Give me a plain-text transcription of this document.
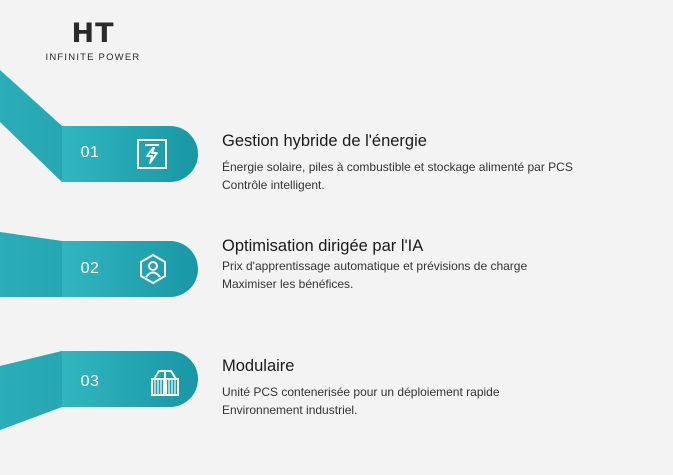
HT
INFINITE POWER
01
Gestion hybride de l'énergie
Énergie solaire, piles à combustible et stockage alimenté par PCS
Contrôle intelligent.
02
Optimisation dirigée par l'IA
Prix d'apprentissage automatique et prévisions de charge
Maximiser les bénéfices.
03
Modulaire
Unité PCS contenerisée pour un déploiement rapide
Environnement industriel.
